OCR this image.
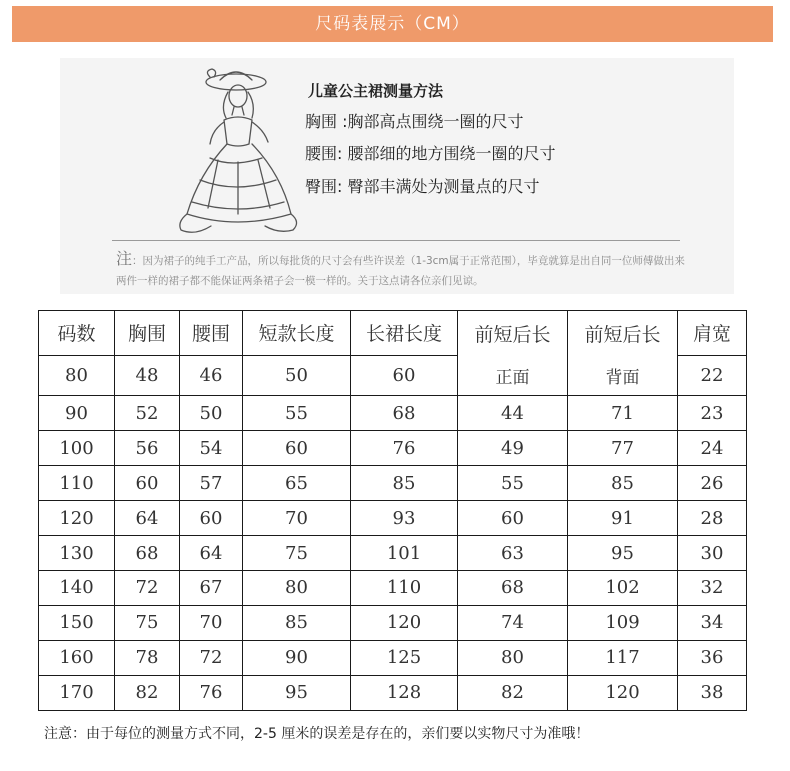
尺码表展示（CM）
儿童公主裙测量方法
胸围 :胸部高点围绕一圈的尺寸
腰围: 腰部细的地方围绕一圈的尺寸
臀围: 臀部丰满处为测量点的尺寸
注：因为裙子的纯手工产品，所以每批货的尺寸会有些许误差（1-3cm属于正常范围），毕竟就算是出自同一位师傅做出来两件一样的裙子都不能保证两条裙子会一模一样的。关于这点请各位亲们见谅。
码数	胸围	腰围	短款长度	长裙长度	前短后长	前短后长	肩宽
80	48	46	50	60	正面	背面	22
90	52	50	55	68	44	71	23
100	56	54	60	76	49	77	24
110	60	57	65	85	55	85	26
120	64	60	70	93	60	91	28
130	68	64	75	101	63	95	30
140	72	67	80	110	68	102	32
150	75	70	85	120	74	109	34
160	78	72	90	125	80	117	36
170	82	76	95	128	82	120	38
注意：由于每位的测量方式不同，2-5 厘米的误差是存在的，亲们要以实物尺寸为准哦！
